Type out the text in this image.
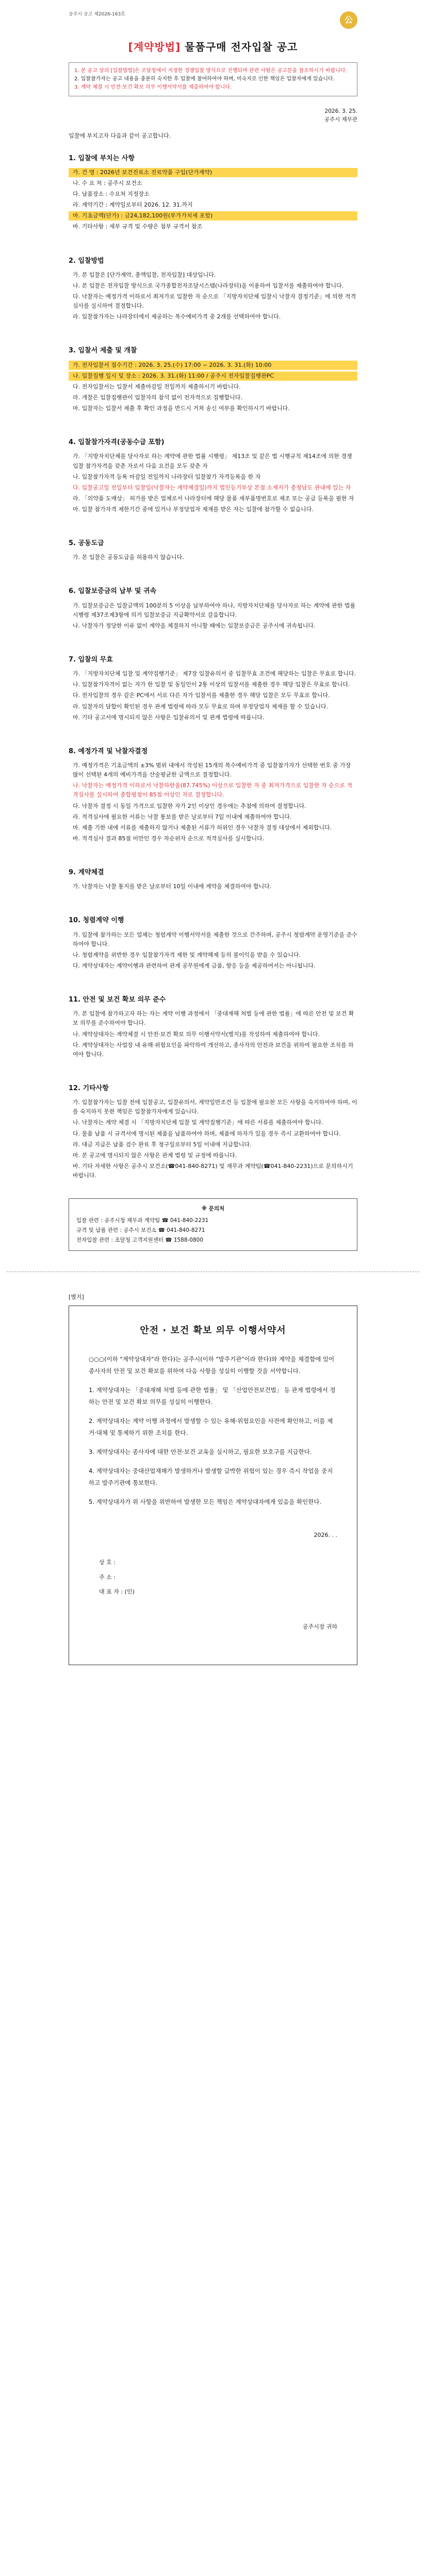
공주시 공고 제2026-163호
公
[계약방법] 물품구매 전자입찰 공고
1. 본 공고 상의 [입찰방법]은 조달청에서 지정한 경쟁입찰 방식으로 진행되며 관련 사항은 공고문을 참조하시기 바랍니다.
2. 입찰참가자는 공고 내용을 충분히 숙지한 후 입찰에 참여하여야 하며, 미숙지로 인한 책임은 입찰자에게 있습니다.
3. 계약 체결 시 안전·보건 확보 의무 이행서약서를 제출하여야 합니다.
2026. 3. 25.
공주시 재무관
입찰에 부치고자 다음과 같이 공고합니다.
1. 입찰에 부치는 사항
가. 건 명 : 2026년 보건진료소 진료약품 구입(단가계약)
나. 수 요 처 : 공주시 보건소
다. 납품장소 : 수요처 지정장소
라. 계약기간 : 계약일로부터 2026. 12. 31.까지
마. 기초금액(단가) : 금24,182,100원(부가가치세 포함)
바. 기타사항 : 세부 규격 및 수량은 첨부 규격서 참조
2. 입찰방법
가. 본 입찰은 [단가계약, 총액입찰, 전자입찰] 대상입니다.
나. 본 입찰은 전자입찰 방식으로 국가종합전자조달시스템(나라장터)을 이용하여 입찰서를 제출하여야 합니다.
다. 낙찰자는 예정가격 이하로서 최저가로 입찰한 자 순으로 「지방자치단체 입찰시 낙찰자 결정기준」에 의한 적격심사를 실시하여 결정합니다.
라. 입찰참가자는 나라장터에서 제공하는 복수예비가격 중 2개를 선택하여야 합니다.
3. 입찰서 제출 및 개찰
가. 전자입찰서 접수기간 : 2026. 3. 25.(수) 17:00 ~ 2026. 3. 31.(화) 10:00
나. 입찰집행 일시 및 장소 : 2026. 3. 31.(화) 11:00 / 공주시 전자입찰집행관PC
다. 전자입찰서는 입찰서 제출마감일 전일까지 제출하시기 바랍니다.
라. 개찰은 입찰집행관이 입찰자의 참석 없이 전자적으로 집행합니다.
마. 입찰자는 입찰서 제출 후 확인 과정을 반드시 거쳐 송신 여부를 확인하시기 바랍니다.
4. 입찰참가자격(공동수급 포함)
가. 「지방자치단체를 당사자로 하는 계약에 관한 법률 시행령」 제13조 및 같은 법 시행규칙 제14조에 의한 경쟁입찰 참가자격을 갖춘 자로서 다음 요건을 모두 갖춘 자
나. 입찰참가자격 등록 마감일 전일까지 나라장터 입찰참가 자격등록을 한 자
다. 입찰공고일 전일부터 입찰일(낙찰자는 계약체결일)까지 법인등기부상 본점 소재지가 충청남도 관내에 있는 자
라. 「의약품 도매상」 허가를 받은 업체로서 나라장터에 해당 물품 세부품명번호로 제조 또는 공급 등록을 필한 자
마. 입찰 참가자격 제한기간 중에 있거나 부정당업자 제재를 받은 자는 입찰에 참가할 수 없습니다.
5. 공동도급
가. 본 입찰은 공동도급을 허용하지 않습니다.
6. 입찰보증금의 납부 및 귀속
가. 입찰보증금은 입찰금액의 100분의 5 이상을 납부하여야 하나, 지방자치단체를 당사자로 하는 계약에 관한 법률 시행령 제37조제3항에 의거 입찰보증금 지급확약서로 갈음합니다.
나. 낙찰자가 정당한 이유 없이 계약을 체결하지 아니할 때에는 입찰보증금은 공주시에 귀속됩니다.
7. 입찰의 무효
가. 「지방자치단체 입찰 및 계약집행기준」 제7장 입찰유의서 중 입찰무효 조건에 해당하는 입찰은 무효로 합니다.
나. 입찰참가자격이 없는 자가 한 입찰 및 동일인이 2통 이상의 입찰서를 제출한 경우 해당 입찰은 무효로 합니다.
다. 전자입찰의 경우 같은 PC에서 서로 다른 자가 입찰서를 제출한 경우 해당 입찰은 모두 무효로 합니다.
라. 입찰자의 담합이 확인된 경우 관계 법령에 따라 모두 무효로 하며 부정당업자 제재를 할 수 있습니다.
마. 기타 공고서에 명시되지 않은 사항은 입찰유의서 및 관계 법령에 따릅니다.
8. 예정가격 및 낙찰자결정
가. 예정가격은 기초금액의 ±3% 범위 내에서 작성된 15개의 복수예비가격 중 입찰참가자가 선택한 번호 중 가장 많이 선택된 4개의 예비가격을 산술평균한 금액으로 결정합니다.
나. 낙찰자는 예정가격 이하로서 낙찰하한율(87.745%) 이상으로 입찰한 자 중 최저가격으로 입찰한 자 순으로 적격심사를 실시하여 종합평점이 85점 이상인 자로 결정합니다.
다. 낙찰자 결정 시 동일 가격으로 입찰한 자가 2인 이상인 경우에는 추첨에 의하여 결정합니다.
라. 적격심사에 필요한 서류는 낙찰 통보를 받은 날로부터 7일 이내에 제출하여야 합니다.
마. 제출 기한 내에 서류를 제출하지 않거나 제출된 서류가 허위인 경우 낙찰자 결정 대상에서 제외합니다.
바. 적격심사 결과 85점 미만인 경우 차순위자 순으로 적격심사를 실시합니다.
9. 계약체결
가. 낙찰자는 낙찰 통지를 받은 날로부터 10일 이내에 계약을 체결하여야 합니다.
10. 청렴계약 이행
가. 입찰에 참가하는 모든 업체는 청렴계약 이행서약서를 제출한 것으로 간주하며, 공주시 청렴계약 운영기준을 준수하여야 합니다.
나. 청렴계약을 위반한 경우 입찰참가자격 제한 및 계약해제 등의 불이익을 받을 수 있습니다.
다. 계약상대자는 계약이행과 관련하여 관계 공무원에게 금품, 향응 등을 제공하여서는 아니됩니다.
11. 안전 및 보건 확보 의무 준수
가. 본 입찰에 참가하고자 하는 자는 계약 이행 과정에서 「중대재해 처벌 등에 관한 법률」에 따른 안전 및 보건 확보 의무를 준수하여야 합니다.
나. 계약상대자는 계약체결 시 안전·보건 확보 의무 이행서약서(별지)를 작성하여 제출하여야 합니다.
다. 계약상대자는 사업장 내 유해·위험요인을 파악하여 개선하고, 종사자의 안전과 보건을 위하여 필요한 조치를 하여야 합니다.
12. 기타사항
가. 입찰참가자는 입찰 전에 입찰공고, 입찰유의서, 계약일반조건 등 입찰에 필요한 모든 사항을 숙지하여야 하며, 이를 숙지하지 못한 책임은 입찰참가자에게 있습니다.
나. 낙찰자는 계약 체결 시 「지방자치단체 입찰 및 계약집행기준」에 따른 서류를 제출하여야 합니다.
다. 물품 납품 시 규격서에 명시된 제품을 납품하여야 하며, 제품에 하자가 있을 경우 즉시 교환하여야 합니다.
라. 대금 지급은 납품 검수 완료 후 청구일로부터 5일 이내에 지급합니다.
마. 본 공고에 명시되지 않은 사항은 관계 법령 및 규정에 따릅니다.
바. 기타 자세한 사항은 공주시 보건소(☎041-840-8271) 및 재무과 계약팀(☎041-840-2231)으로 문의하시기 바랍니다.
※ 문의처
입찰 관련 : 공주시청 재무과 계약팀 ☎ 041-840-2231
규격 및 납품 관련 : 공주시 보건소 ☎ 041-840-8271
전자입찰 관련 : 조달청 고객지원센터 ☎ 1588-0800
[별지]
안전 · 보건 확보 의무 이행서약서

○○○(이하 "계약상대자"라 한다)는 공주시(이하 "발주기관"이라 한다)와 계약을 체결함에 있어 종사자의 안전 및 보건 확보를 위하여 다음 사항을 성실히 이행할 것을 서약합니다.

1. 계약상대자는 「중대재해 처벌 등에 관한 법률」 및 「산업안전보건법」 등 관계 법령에서 정하는 안전 및 보건 확보 의무를 성실히 이행한다.

2. 계약상대자는 계약 이행 과정에서 발생할 수 있는 유해·위험요인을 사전에 확인하고, 이를 제거·대체 및 통제하기 위한 조치를 한다.

3. 계약상대자는 종사자에 대한 안전·보건 교육을 실시하고, 필요한 보호구를 지급한다.

4. 계약상대자는 중대산업재해가 발생하거나 발생할 급박한 위험이 있는 경우 즉시 작업을 중지하고 발주기관에 통보한다.

5. 계약상대자가 위 사항을 위반하여 발생한 모든 책임은 계약상대자에게 있음을 확인한다.

2026. . .
상 호 :
주 소 :
대 표 자 : (인)
공주시장 귀하
